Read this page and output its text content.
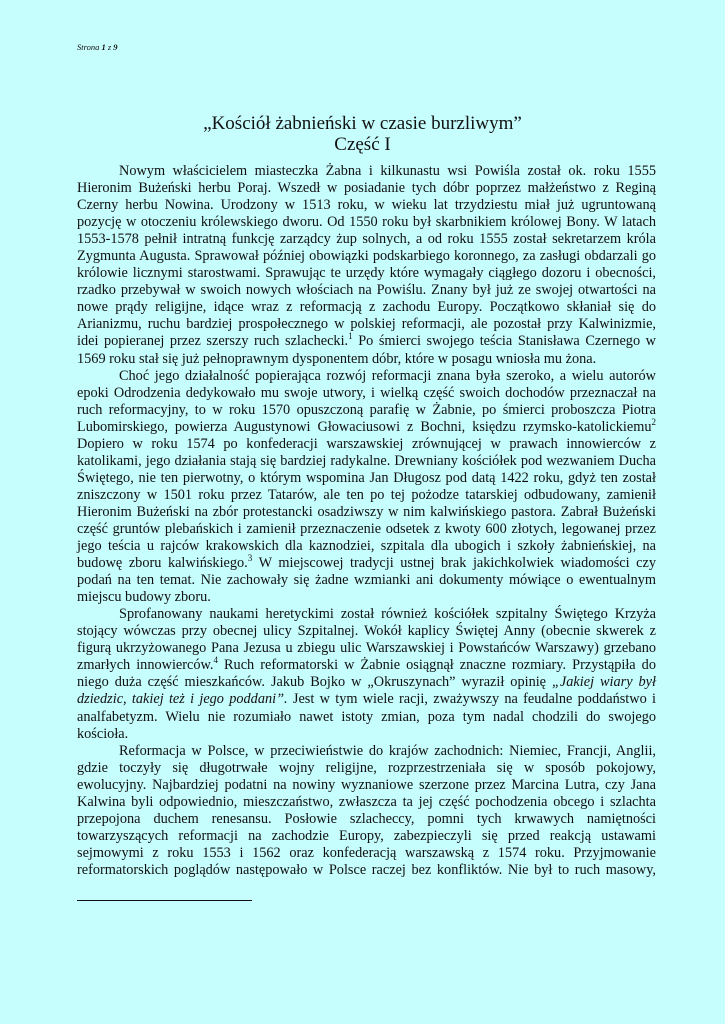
Strona 1 z 9
„Kościół żabnieński w czasie burzliwym”
Część I
Nowym właścicielem miasteczka Żabna i kilkunastu wsi Powiśla został ok. roku 1555
Hieronim Bużeński herbu Poraj. Wszedł w posiadanie tych dóbr poprzez małżeństwo z Reginą
Czerny herbu Nowina. Urodzony w 1513 roku, w wieku lat trzydziestu miał już ugruntowaną
pozycję w otoczeniu królewskiego dworu. Od 1550 roku był skarbnikiem królowej Bony. W latach
1553-1578 pełnił intratną funkcję zarządcy żup solnych, a od roku 1555 został sekretarzem króla
Zygmunta Augusta. Sprawował później obowiązki podskarbiego koronnego, za zasługi obdarzali go
królowie licznymi starostwami. Sprawując te urzędy które wymagały ciągłego dozoru i obecności,
rzadko przebywał w swoich nowych włościach na Powiślu. Znany był już ze swojej otwartości na
nowe prądy religijne, idące wraz z reformacją z zachodu Europy. Początkowo skłaniał się do
Arianizmu, ruchu bardziej prospołecznego w polskiej reformacji, ale pozostał przy Kalwinizmie,
idei popieranej przez szerszy ruch szlachecki.$^1$ Po śmierci swojego teścia Stanisława Czernego w
1569 roku stał się już pełnoprawnym dysponentem dóbr, które w posagu wniosła mu żona.
Choć jego działalność popierająca rozwój reformacji znana była szeroko, a wielu autorów
epoki Odrodzenia dedykowało mu swoje utwory, i wielką część swoich dochodów przeznaczał na
ruch reformacyjny, to w roku 1570 opuszczoną parafię w Żabnie, po śmierci proboszcza Piotra
Lubomirskiego, powierza Augustynowi Głowaciusowi z Bochni, księdzu rzymsko-katolickiemu$^2$
Dopiero w roku 1574 po konfederacji warszawskiej zrównującej w prawach innowierców z
katolikami, jego działania stają się bardziej radykalne. Drewniany kościółek pod wezwaniem Ducha
Świętego, nie ten pierwotny, o którym wspomina Jan Długosz pod datą 1422 roku, gdyż ten został
zniszczony w 1501 roku przez Tatarów, ale ten po tej pożodze tatarskiej odbudowany, zamienił
Hieronim Bużeński na zbór protestancki osadziwszy w nim kalwińskiego pastora. Zabrał Bużeński
część gruntów plebańskich i zamienił przeznaczenie odsetek z kwoty 600 złotych, legowanej przez
jego teścia u rajców krakowskich dla kaznodziei, szpitala dla ubogich i szkoły żabnieńskiej, na
budowę zboru kalwińskiego.$^3$ W miejscowej tradycji ustnej brak jakichkolwiek wiadomości czy
podań na ten temat. Nie zachowały się żadne wzmianki ani dokumenty mówiące o ewentualnym
miejscu budowy zboru.
Sprofanowany naukami heretyckimi został również kościółek szpitalny Świętego Krzyża
stojący wówczas przy obecnej ulicy Szpitalnej. Wokół kaplicy Świętej Anny (obecnie skwerek z
figurą ukrzyżowanego Pana Jezusa u zbiegu ulic Warszawskiej i Powstańców Warszawy) grzebano
zmarłych innowierców.$^4$ Ruch reformatorski w Żabnie osiągnął znaczne rozmiary. Przystąpiła do
niego duża część mieszkańców. Jakub Bojko w „Okruszynach” wyraził opinię „Jakiej wiary był
dziedzic, takiej też i jego poddani”. Jest w tym wiele racji, zważywszy na feudalne poddaństwo i
analfabetyzm. Wielu nie rozumiało nawet istoty zmian, poza tym nadal chodzili do swojego
kościoła.
Reformacja w Polsce, w przeciwieństwie do krajów zachodnich: Niemiec, Francji, Anglii,
gdzie toczyły się długotrwałe wojny religijne, rozprzestrzeniała się w sposób pokojowy,
ewolucyjny. Najbardziej podatni na nowiny wyznaniowe szerzone przez Marcina Lutra, czy Jana
Kalwina byli odpowiednio, mieszczaństwo, zwłaszcza ta jej część pochodzenia obcego i szlachta
przepojona duchem renesansu. Posłowie szlacheccy, pomni tych krwawych namiętności
towarzyszących reformacji na zachodzie Europy, zabezpieczyli się przed reakcją ustawami
sejmowymi z roku 1553 i 1562 oraz konfederacją warszawską z 1574 roku. Przyjmowanie
reformatorskich poglądów następowało w Polsce raczej bez konfliktów. Nie był to ruch masowy,
